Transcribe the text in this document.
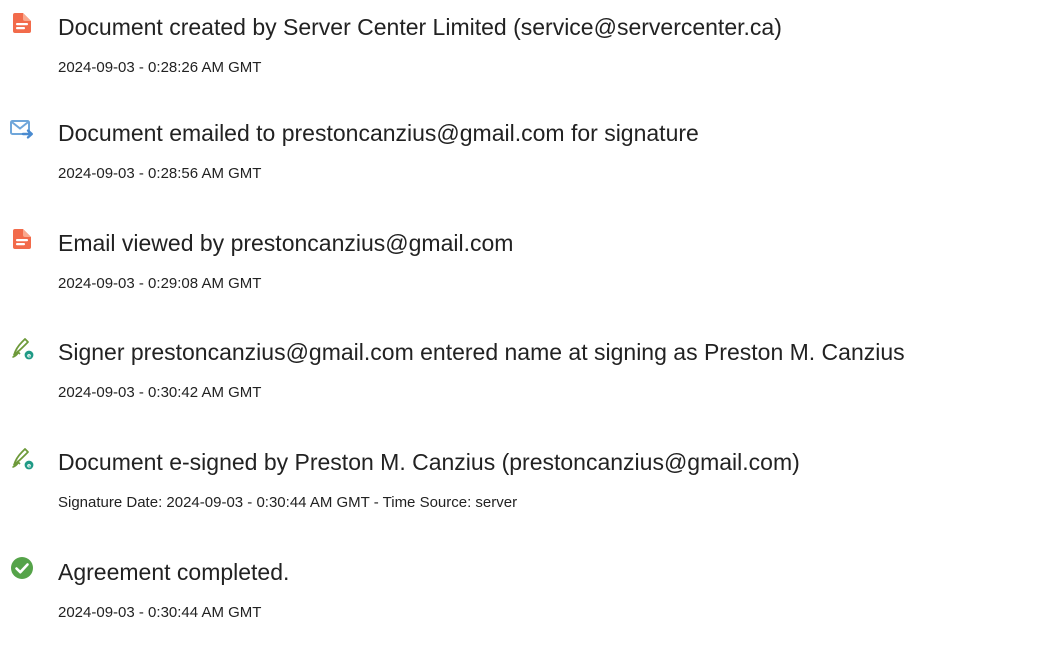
Document created by Server Center Limited (service@servercenter.ca)
2024-09-03 - 0:28:26 AM GMT
Document emailed to prestoncanzius@gmail.com for signature
2024-09-03 - 0:28:56 AM GMT
Email viewed by prestoncanzius@gmail.com
2024-09-03 - 0:29:08 AM GMT
e Signer prestoncanzius@gmail.com entered name at signing as Preston M. Canzius
2024-09-03 - 0:30:42 AM GMT
e Document e-signed by Preston M. Canzius (prestoncanzius@gmail.com)
Signature Date: 2024-09-03 - 0:30:44 AM GMT - Time Source: server
Agreement completed.
2024-09-03 - 0:30:44 AM GMT
